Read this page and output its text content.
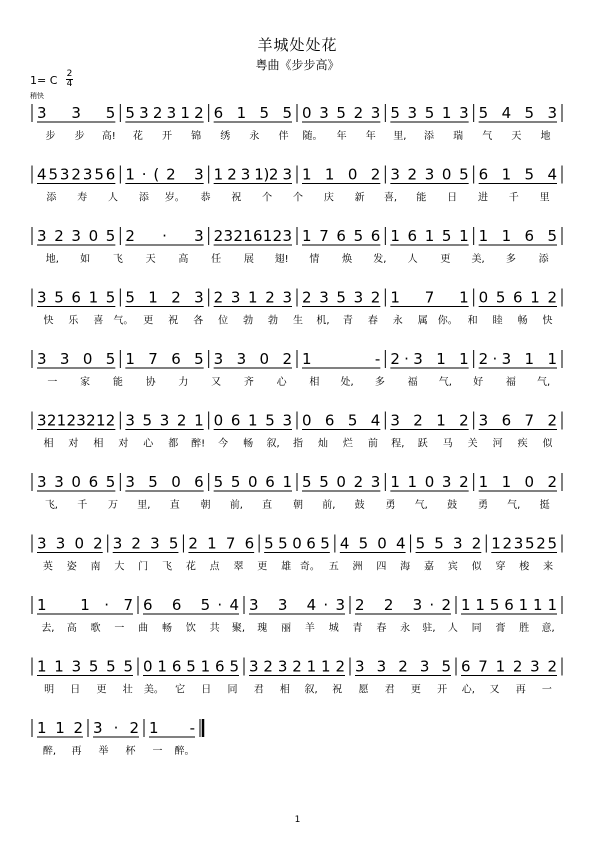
羊城处处花
粤曲《步步高》
1= C 2
4
稍快
335 5 3 2 3 1 2 6 1 5 5 0 3 5 2 3 5 3 5 1 3 5 4 5 3
步 步 高! 花 开 锦 绣 永 伴 随。 年 年 里, 添 瑞 气 天 地
4 5 3 2 3 5 6 1·(2 3 1 2 3 1)2 3 1 1 0 2 3 2 3 0 5 6 1 5 4
添 寿 人 添 岁。 恭 祝 个 个 庆 新 喜, 能 日 进 千 里
3 2 3 0 5 2·3 2 3 2 1 6 1 2 3 1 7 6 5 6 1 6 1 5 1 1 1 6 5
地, 如 飞 天 高 任 展 翅! 情 焕 发, 人 更 美, 多 添
3 5 6 1 5 5 1 2 3 2 3 1 2 3 2 3 5 3 2 1 7 1 0 5 6 1 2
快 乐 喜 气。 更 祝 各 位 勃 勃 生 机, 青 春 永 属 你。 和 睦 畅 快
3 3 0 5 1 7 6 5 3 3 0 2 1 - 2·3 1 1 2·3 1 1
一 家 能 协 力 又 齐 心 相 处, 多 福 气, 好 福 气,
3 2 1 2 3 2 1 2 3 5 3 2 1 0 6 1 5 3 0 6 5 4 3 2 1 2 3 6 7 2
相 对 相 对 心 都 醉! 今 畅 叙, 指 灿 烂 前 程, 跃 马 关 河 疾 似
3 3 0 6 5 3 5 0 6 5 5 0 6 1 5 5 0 2 3 1 1 0 3 2 1 1 0 2
飞, 千 万 里, 直 朝 前, 直 朝 前, 鼓 勇 气, 鼓 勇 气, 挺
3 3 0 2 3 2 3 5 2 1 7 6 5 5 0 6 5 4 5 0 4 5 5 3 2 1 2 3 5 2 5
英 姿 南 大 门 飞 花 点 翠 更 雄 奇。 五 洲 四 海 嘉 宾 似 穿 梭 来
1 1·7 6 6 5·4 3 3 4·3 2 2 3·2 1 1 5 6 1 1 1
去, 高 歌 一 曲 畅 饮 共 聚, 瑰 丽 羊 城 青 春 永 驻, 人 同 膏 胜 意,
1 1 3 5 5 5 0 1 6 5 1 6 5 3 2 3 2 1 1 2 3 3 2 3 5 6 7 1 2 3 2
明 日 更 壮 美。 它 日 同 君 相 叙, 祝 愿 君 更 开 心, 又 再 一
1 1 2 3·2 1 -
醉, 再 举 杯 一 醉。
1
